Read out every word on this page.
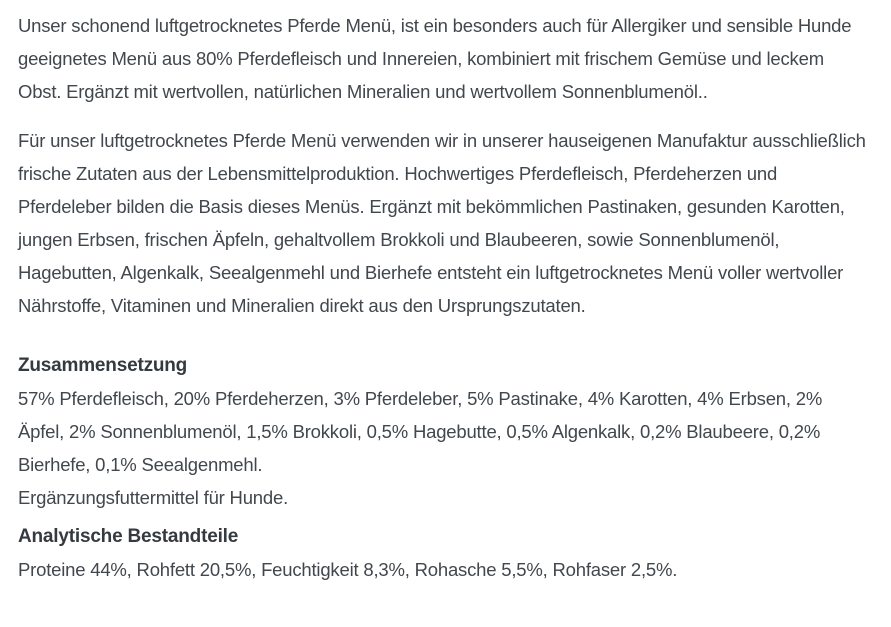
Unser schonend luftgetrocknetes Pferde Menü, ist ein besonders auch für Allergiker und sensible Hunde geeignetes Menü aus 80% Pferdefleisch und Innereien, kombiniert mit frischem Gemüse und leckem Obst. Ergänzt mit wertvollen, natürlichen Mineralien und wertvollem Sonnenblumenöl..

Für unser luftgetrocknetes Pferde Menü verwenden wir in unserer hauseigenen Manufaktur ausschließlich frische Zutaten aus der Lebensmittelproduktion. Hochwertiges Pferdefleisch, Pferdeherzen und Pferdeleber bilden die Basis dieses Menüs. Ergänzt mit bekömmlichen Pastinaken, gesunden Karotten, jungen Erbsen, frischen Äpfeln, gehaltvollem Brokkoli und Blaubeeren, sowie Sonnenblumenöl, Hagebutten, Algenkalk, Seealgenmehl und Bierhefe entsteht ein luftgetrocknetes Menü voller wertvoller Nährstoffe, Vitaminen und Mineralien direkt aus den Ursprungszutaten.

Zusammensetzung

57% Pferdefleisch, 20% Pferdeherzen, 3% Pferdeleber, 5% Pastinake, 4% Karotten, 4% Erbsen, 2% Äpfel, 2% Sonnenblumenöl, 1,5% Brokkoli, 0,5% Hagebutte, 0,5% Algenkalk, 0,2% Blaubeere, 0,2% Bierhefe, 0,1% Seealgenmehl.
Ergänzungsfuttermittel für Hunde.

Analytische Bestandteile

Proteine 44%, Rohfett 20,5%, Feuchtigkeit 8,3%, Rohasche 5,5%, Rohfaser 2,5%.
